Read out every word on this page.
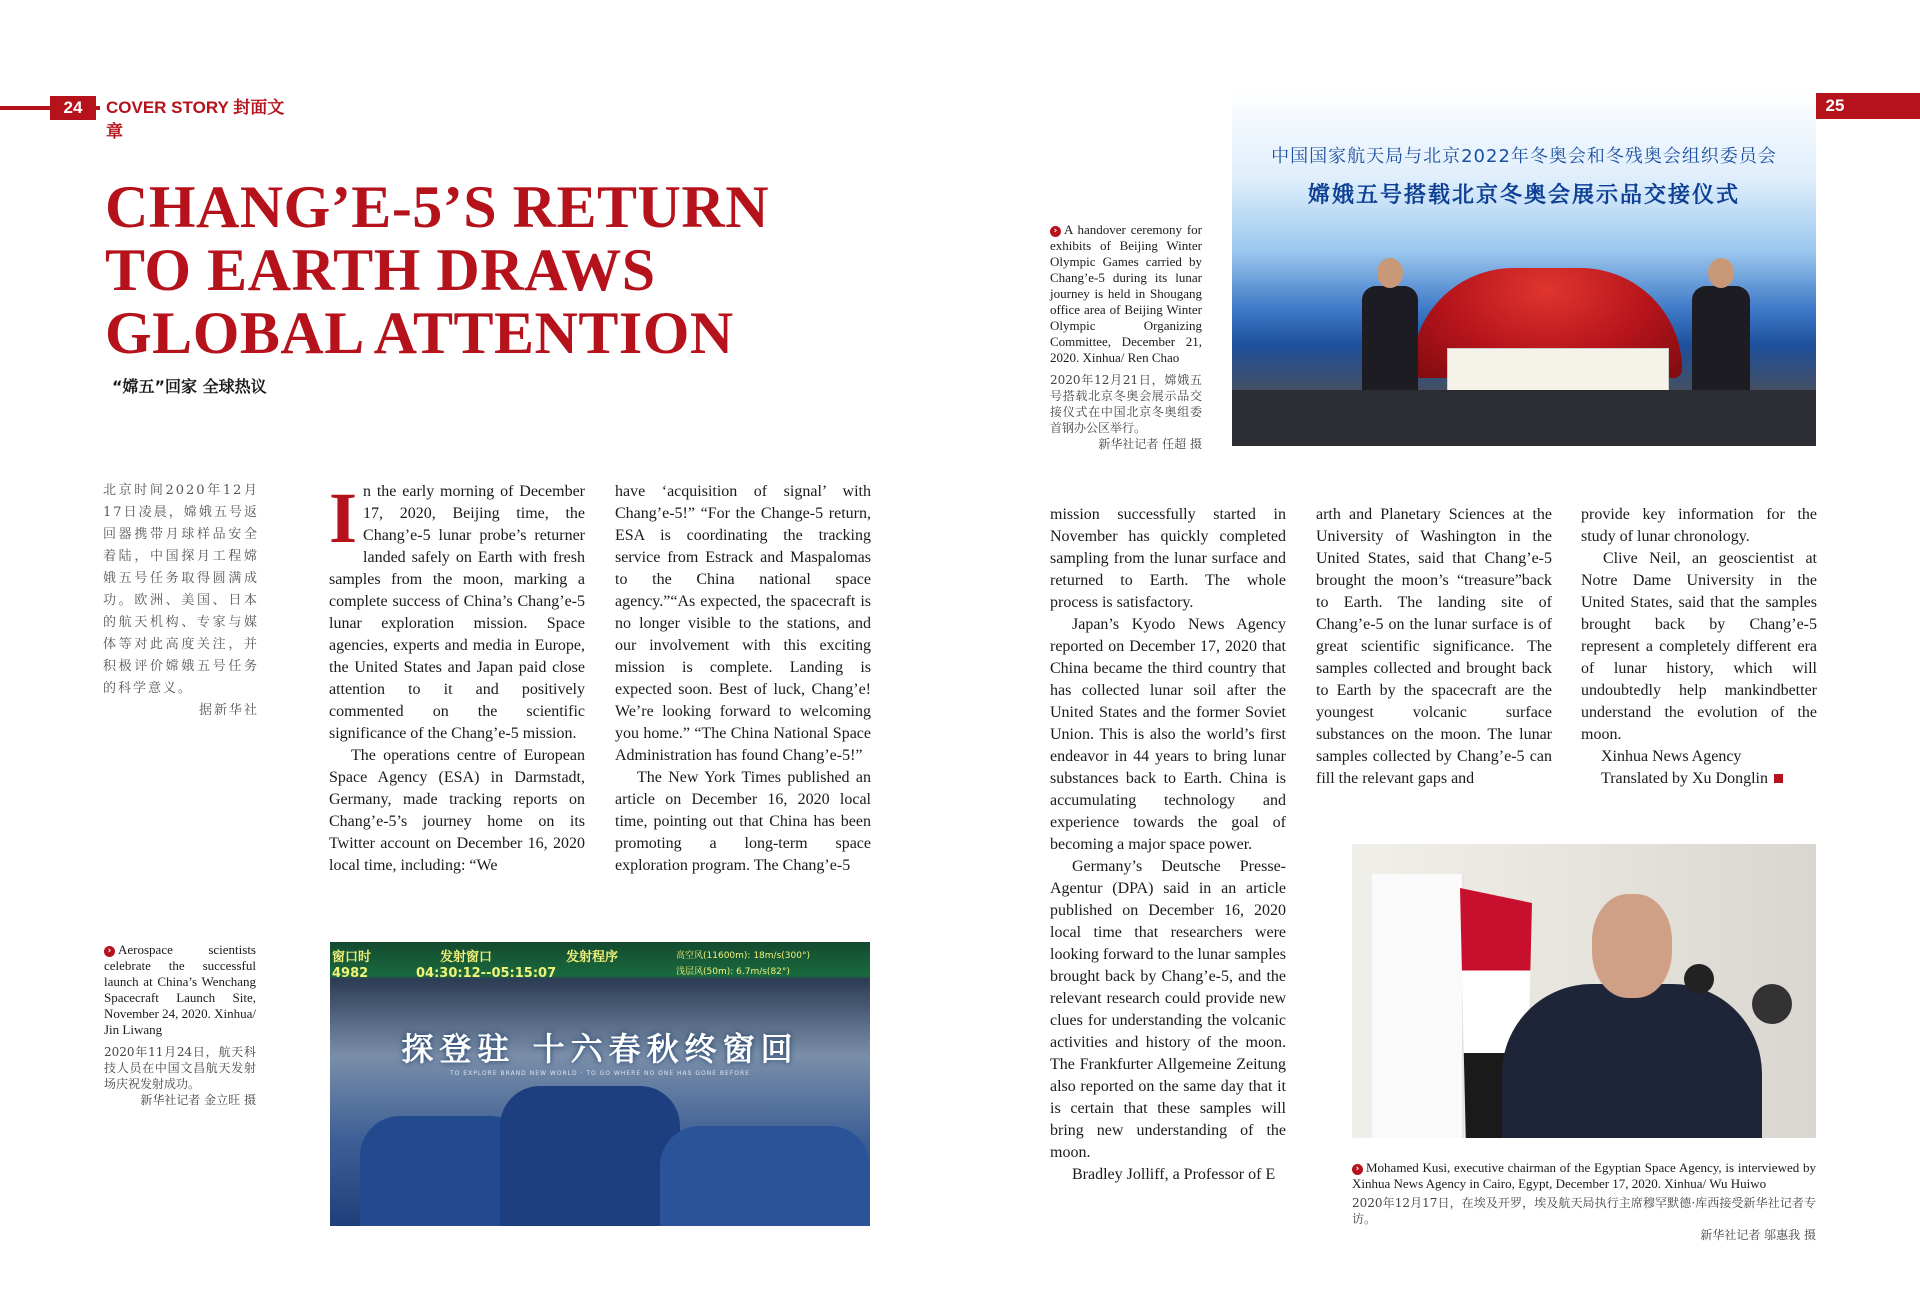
24	COVER STORY 封面文章
25
CHANG’E-5’S RETURN TO EARTH DRAWS GLOBAL ATTENTION
“嫦五”回家 全球热议
北京时间2020年12月17日凌晨，嫦娥五号返回器携带月球样品安全着陆，中国探月工程嫦娥五号任务取得圆满成功。欧洲、美国、日本的航天机构、专家与媒体等对此高度关注，并积极评价嫦娥五号任务的科学意义。
据新华社

In the early morning of December 17, 2020, Beijing time, the Chang’e-5 lunar probe’s returner landed safely on Earth with fresh samples from the moon, marking a complete success of China’s Chang’e-5 lunar exploration mission. Space agencies, experts and media in Europe, the United States and Japan paid close attention to it and positively commented on the scientific significance of the Chang’e-5 mission.

The operations centre of European Space Agency (ESA) in Darmstadt, Germany, made tracking reports on Chang’e-5’s journey home on its Twitter account on December 16, 2020 local time, including: “We

have ‘acquisition of signal’ with Chang’e-5!” “For the Change-5 return, ESA is coordinating the tracking service from Estrack and Maspalomas to the China national space agency.”“As expected, the spacecraft is no longer visible to the stations, and our involvement with this exciting mission is complete. Landing is expected soon. Best of luck, Chang’e! We’re looking forward to welcoming you home.” “The China National Space Administration has found Chang’e-5!”

The New York Times published an article on December 16, 2020 local time, pointing out that China has been promoting a long-term space exploration program. The Chang’e-5

mission successfully started in November has quickly completed sampling from the lunar surface and returned to Earth. The whole process is satisfactory.

Japan’s Kyodo News Agency reported on December 17, 2020 that China became the third country that has collected lunar soil after the United States and the former Soviet Union. This is also the world’s first endeavor in 44 years to bring lunar substances back to Earth. China is accumulating technology and experience towards the goal of becoming a major space power.

Germany’s Deutsche Presse-Agentur (DPA) said in an article published on December 16, 2020 local time that researchers were looking forward to the lunar samples brought back by Chang’e-5, and the relevant research could provide new clues for understanding the volcanic activities and history of the moon. The Frankfurter Allgemeine Zeitung also reported on the same day that it is certain that these samples will bring new understanding of the moon.

Bradley Jolliff, a Professor of E

arth and Planetary Sciences at the University of Washington in the United States, said that Chang’e-5 brought the moon’s “treasure”back to Earth. The landing site of Chang’e-5 on the lunar surface is of great scientific significance. The samples collected and brought back to Earth by the spacecraft are the youngest volcanic surface substances on the moon. The lunar samples collected by Chang’e-5 can fill the relevant gaps and

provide key information for the study of lunar chronology.

Clive Neil, an geoscientist at Notre Dame University in the United States, said that the samples brought back by Chang’e-5 represent a completely different era of lunar history, which will undoubtedly help mankindbetter understand the evolution of the moon.

Xinhua News Agency

Translated by Xu Donglin

中国国家航天局与北京2022年冬奥会和冬残奥会组织委员会
嫦娥五号搭载北京冬奥会展示品交接仪式
› A handover ceremony for exhibits of Beijing Winter Olympic Games carried by Chang’e-5 during its lunar journey is held in Shougang office area of Beijing Winter Olympic Organizing Committee, December 21, 2020. Xinhua/ Ren Chao
2020年12月21日，嫦娥五号搭载北京冬奥会展示品交接仪式在中国北京冬奥组委首钢办公区举行。
新华社记者 任超 摄
窗口时	发射窗口	发射程序
4982	04:30:12--05:15:07
高空风(11600m): 18m/s(300°)
浅层风(50m): 6.7m/s(82°)
探登驻 十六春秋终窗回
TO EXPLORE BRAND NEW WORLD · TO GO WHERE NO ONE HAS GONE BEFORE
› Aerospace scientists celebrate the successful launch at China’s Wenchang Spacecraft Launch Site, November 24, 2020. Xinhua/ Jin Liwang
2020年11月24日，航天科技人员在中国文昌航天发射场庆祝发射成功。
新华社记者 金立旺 摄
› Mohamed Kusi, executive chairman of the Egyptian Space Agency, is interviewed by Xinhua News Agency in Cairo, Egypt, December 17, 2020. Xinhua/ Wu Huiwo
2020年12月17日，在埃及开罗，埃及航天局执行主席穆罕默德·库西接受新华社记者专访。
新华社记者 邬惠我 摄
